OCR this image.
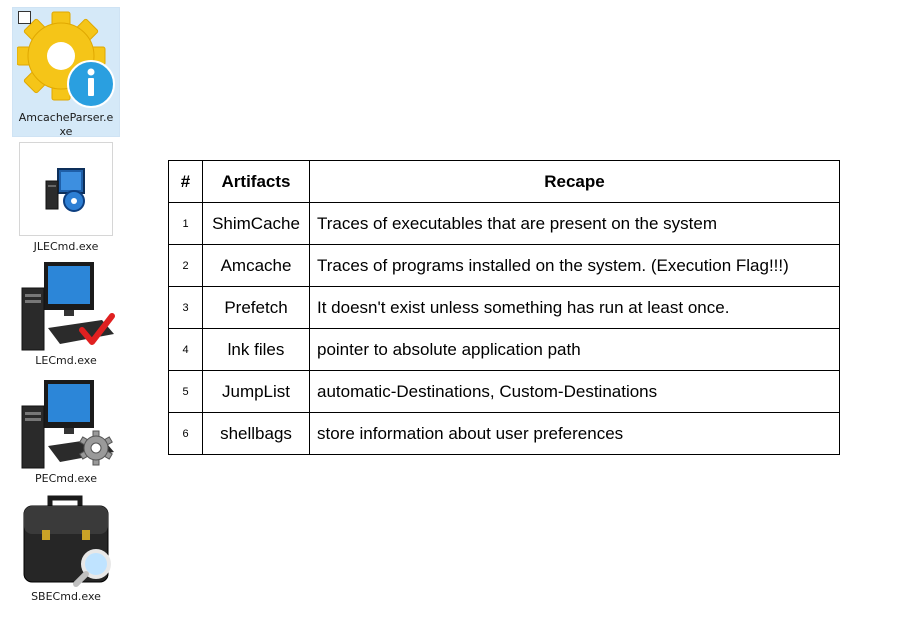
AmcacheParser.exe
JLECmd.exe
LECmd.exe
PECmd.exe
SBECmd.exe
#	Artifacts	Recape
1	ShimCache	Traces of executables that are present on the system
2	Amcache	Traces of programs installed on the system. (Execution Flag!!!)
3	Prefetch	It doesn't exist unless something has run at least once.
4	lnk files	pointer to absolute application path
5	JumpList	automatic-Destinations, Custom-Destinations
6	shellbags	store information about user preferences
